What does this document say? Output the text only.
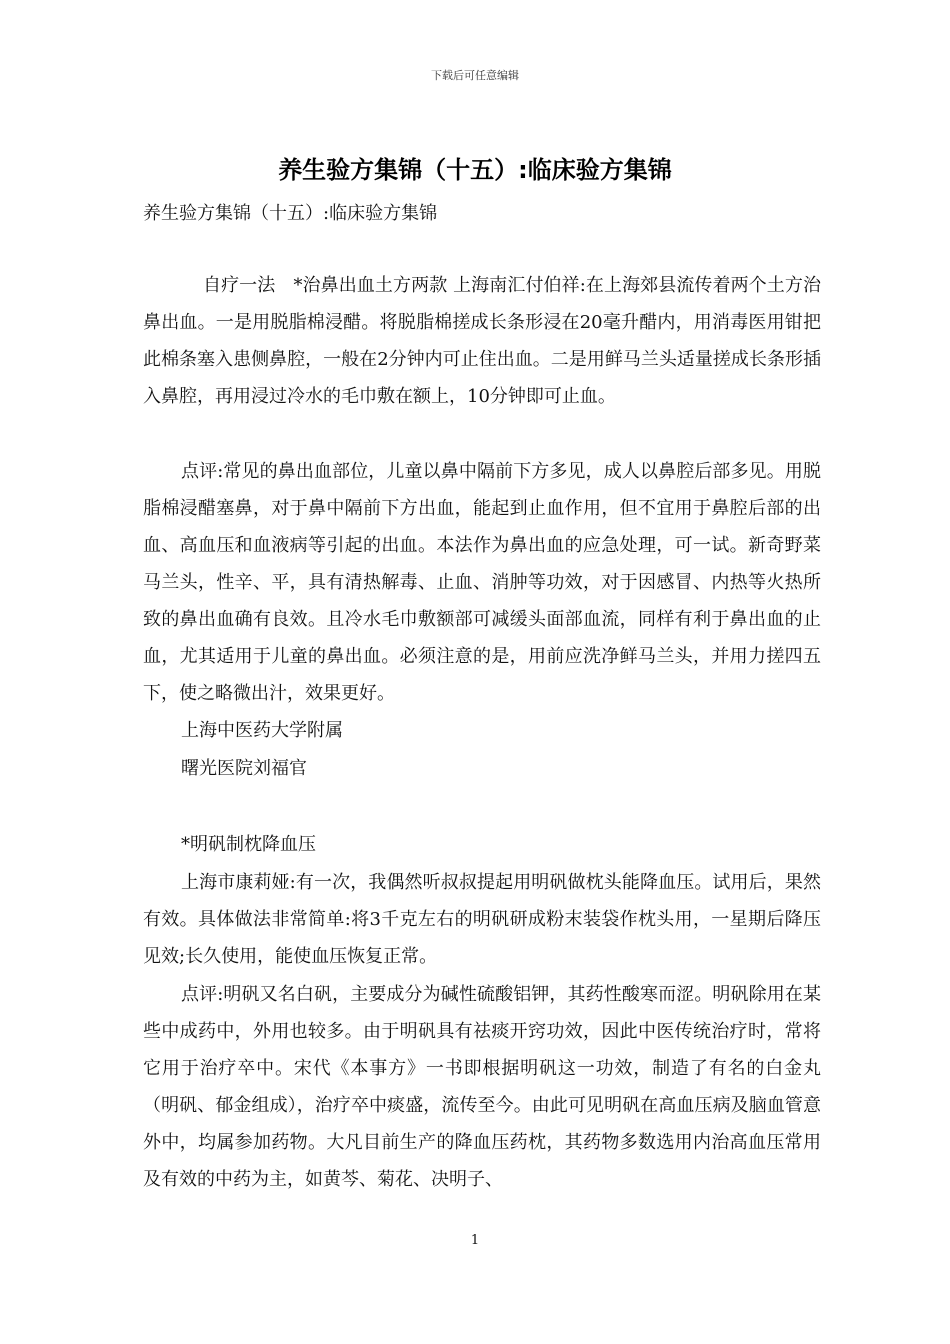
下载后可任意编辑
养生验方集锦（十五）:临床验方集锦

养生验方集锦（十五）:临床验方集锦

自疗一法　*治鼻出血土方两款 上海南汇付伯祥:在上海郊县流传着两个土方治鼻出血。一是用脱脂棉浸醋。将脱脂棉搓成长条形浸在20毫升醋内，用消毒医用钳把此棉条塞入患侧鼻腔，一般在2分钟内可止住出血。二是用鲜马兰头适量搓成长条形插入鼻腔，再用浸过冷水的毛巾敷在额上，10分钟即可止血。

点评:常见的鼻出血部位，儿童以鼻中隔前下方多见，成人以鼻腔后部多见。用脱脂棉浸醋塞鼻，对于鼻中隔前下方出血，能起到止血作用，但不宜用于鼻腔后部的出血、高血压和血液病等引起的出血。本法作为鼻出血的应急处理，可一试。新奇野菜马兰头，性辛、平，具有清热解毒、止血、消肿等功效，对于因感冒、内热等火热所致的鼻出血确有良效。且冷水毛巾敷额部可减缓头面部血流，同样有利于鼻出血的止血，尤其适用于儿童的鼻出血。必须注意的是，用前应洗净鲜马兰头，并用力搓四五下，使之略微出汁，效果更好。

上海中医药大学附属

曙光医院刘福官

*明矾制枕降血压

上海市康莉娅:有一次，我偶然听叔叔提起用明矾做枕头能降血压。试用后，果然有效。具体做法非常简单:将3千克左右的明矾研成粉末装袋作枕头用，一星期后降压见效;长久使用，能使血压恢复正常。

点评:明矾又名白矾，主要成分为碱性硫酸铝钾，其药性酸寒而涩。明矾除用在某些中成药中，外用也较多。由于明矾具有祛痰开窍功效，因此中医传统治疗时，常将它用于治疗卒中。宋代《本事方》一书即根据明矾这一功效，制造了有名的白金丸（明矾、郁金组成），治疗卒中痰盛，流传至今。由此可见明矾在高血压病及脑血管意外中，均属参加药物。大凡目前生产的降血压药枕，其药物多数选用内治高血压常用及有效的中药为主，如黄芩、菊花、决明子、

1
